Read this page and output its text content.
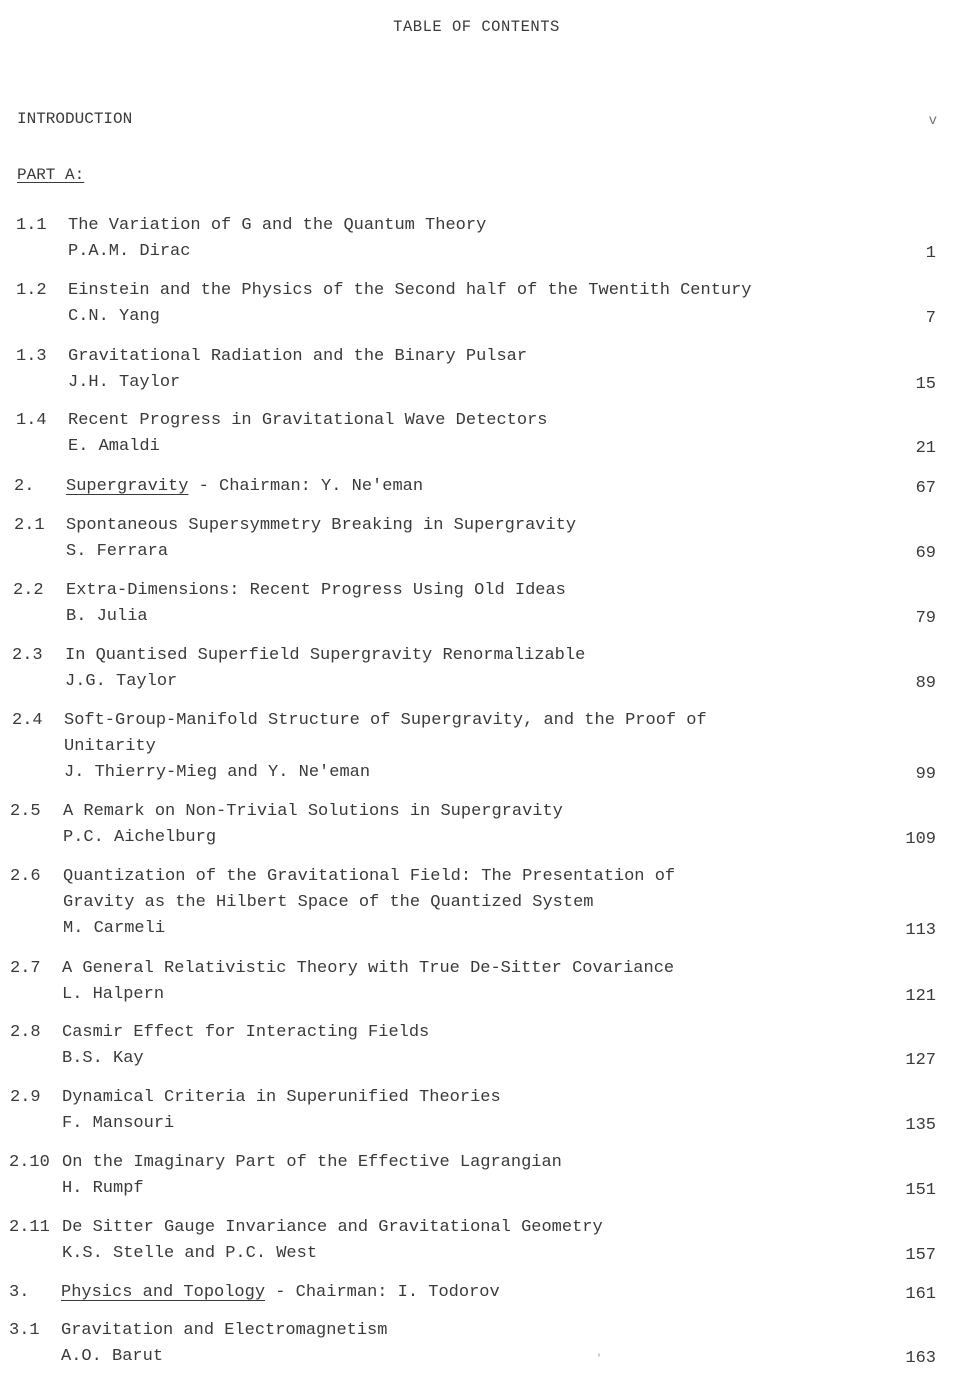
TABLE OF CONTENTS
INTRODUCTION	v
PART A:
1.1 The Variation of G and the Quantum Theory
P.A.M. Dirac	1
1.2 Einstein and the Physics of the Second half of the Twentith Century
C.N. Yang	7
1.3 Gravitational Radiation and the Binary Pulsar
J.H. Taylor	15
1.4 Recent Progress in Gravitational Wave Detectors
E. Amaldi	21
2. Supergravity - Chairman: Y. Ne'eman	67
2.1 Spontaneous Supersymmetry Breaking in Supergravity
S. Ferrara	69
2.2 Extra-Dimensions: Recent Progress Using Old Ideas
B. Julia	79
2.3 In Quantised Superfield Supergravity Renormalizable
J.G. Taylor	89
2.4 Soft-Group-Manifold Structure of Supergravity, and the Proof of
Unitarity
J. Thierry-Mieg and Y. Ne'eman	99
2.5 A Remark on Non-Trivial Solutions in Supergravity
P.C. Aichelburg	109
2.6 Quantization of the Gravitational Field: The Presentation of
Gravity as the Hilbert Space of the Quantized System
M. Carmeli	113
2.7 A General Relativistic Theory with True De-Sitter Covariance
L. Halpern	121
2.8 Casmir Effect for Interacting Fields
B.S. Kay	127
2.9 Dynamical Criteria in Superunified Theories
F. Mansouri	135
2.10 On the Imaginary Part of the Effective Lagrangian
H. Rumpf	151
2.11 De Sitter Gauge Invariance and Gravitational Geometry
K.S. Stelle and P.C. West	157
3. Physics and Topology - Chairman: I. Todorov	161
3.1 Gravitation and Electromagnetism
A.O. Barut	163
'
